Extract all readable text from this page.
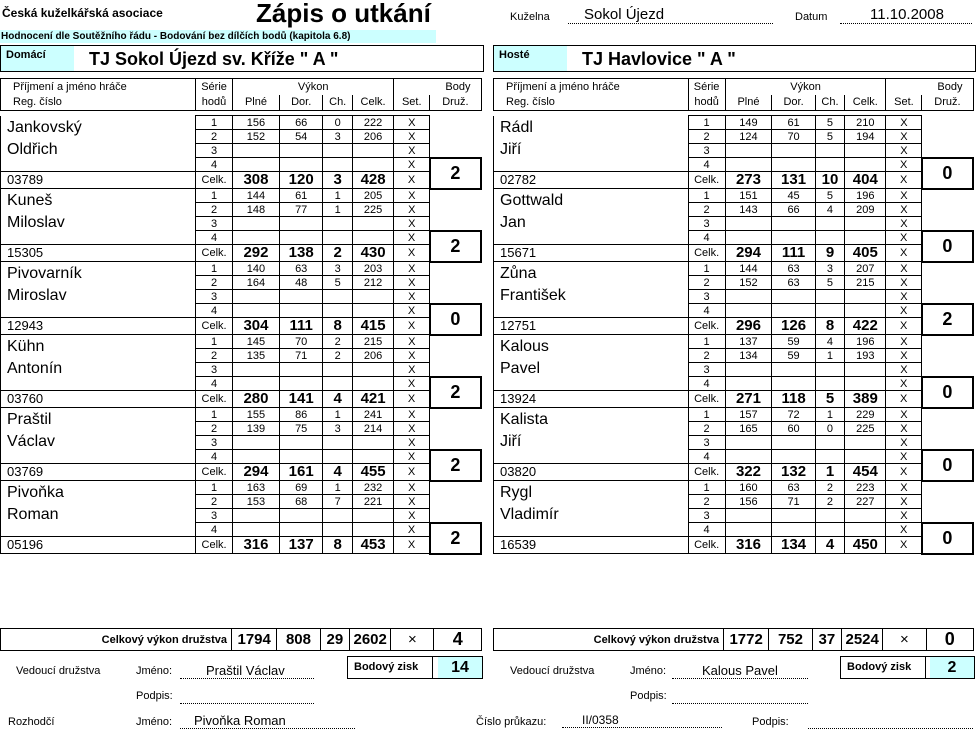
Česká kuželkářská asociace	Zápis o utkání
Hodnocení dle Soutěžního řádu - Bodování bez dílčích bodů (kapitola 6.8)
Kuželna	Sokol Újezd	Datum	11.10.2008
Domácí	TJ Sokol Újezd sv. Kříže " A "	Hosté	TJ Havlovice " A "
Příjmení a jméno hráče	Série	Výkon				Body	
Reg. číslo	hodů	Plné	Dor.	Ch.	Celk.	Set.	Druž.

Jankovský	1	156	66	0	222	X	
	2	152	54	3	206	X	
Oldřich	3					X	
	4					X	2
03789	Celk.	308	120	3	428	X	
Kuneš	1	144	61	1	205	X	
	2	148	77	1	225	X	
Miloslav	3					X	
	4					X	2
15305	Celk.	292	138	2	430	X	
Pivovarník	1	140	63	3	203	X	
	2	164	48	5	212	X	
Miroslav	3					X	
	4					X	0
12943	Celk.	304	111	8	415	X	
Kühn	1	145	70	2	215	X	
	2	135	71	2	206	X	
Antonín	3					X	
	4					X	2
03760	Celk.	280	141	4	421	X	
Praštil	1	155	86	1	241	X	
	2	139	75	3	214	X	
Václav	3					X	
	4					X	2
03769	Celk.	294	161	4	455	X	
Pivoňka	1	163	69	1	232	X	
	2	153	68	7	221	X	
Roman	3					X	
	4					X	2
05196	Celk.	316	137	8	453	X	
Příjmení a jméno hráče	Série	Výkon				Body	
Reg. číslo	hodů	Plné	Dor.	Ch.	Celk.	Set.	Druž.

Rádl	1	149	61	5	210	X	
	2	124	70	5	194	X	
Jiří	3					X	
	4					X	0
02782	Celk.	273	131	10	404	X	
Gottwald	1	151	45	5	196	X	
	2	143	66	4	209	X	
Jan	3					X	
	4					X	0
15671	Celk.	294	111	9	405	X	
Zůna	1	144	63	3	207	X	
	2	152	63	5	215	X	
František	3					X	
	4					X	2
12751	Celk.	296	126	8	422	X	
Kalous	1	137	59	4	196	X	
	2	134	59	1	193	X	
Pavel	3					X	
	4					X	0
13924	Celk.	271	118	5	389	X	
Kalista	1	157	72	1	229	X	
	2	165	60	0	225	X	
Jiří	3					X	
	4					X	0
03820	Celk.	322	132	1	454	X	
Rygl	1	160	63	2	223	X	
	2	156	71	2	227	X	
Vladimír	3					X	
	4					X	0
16539	Celk.	316	134	4	450	X	
Celkový výkon družstva	1794	808	29	2602	×	4	Celkový výkon družstva	1772	752	37	2524	×	0
Vedoucí družstva	Jméno:	Praštil Václav	Bodový zisk	14
Podpis:
Vedoucí družstva	Jméno:	Kalous Pavel	Bodový zisk	2
Podpis:
Rozhodčí	Jméno:	Pivoňka Roman	Číslo průkazu:	II/0358	Podpis:
